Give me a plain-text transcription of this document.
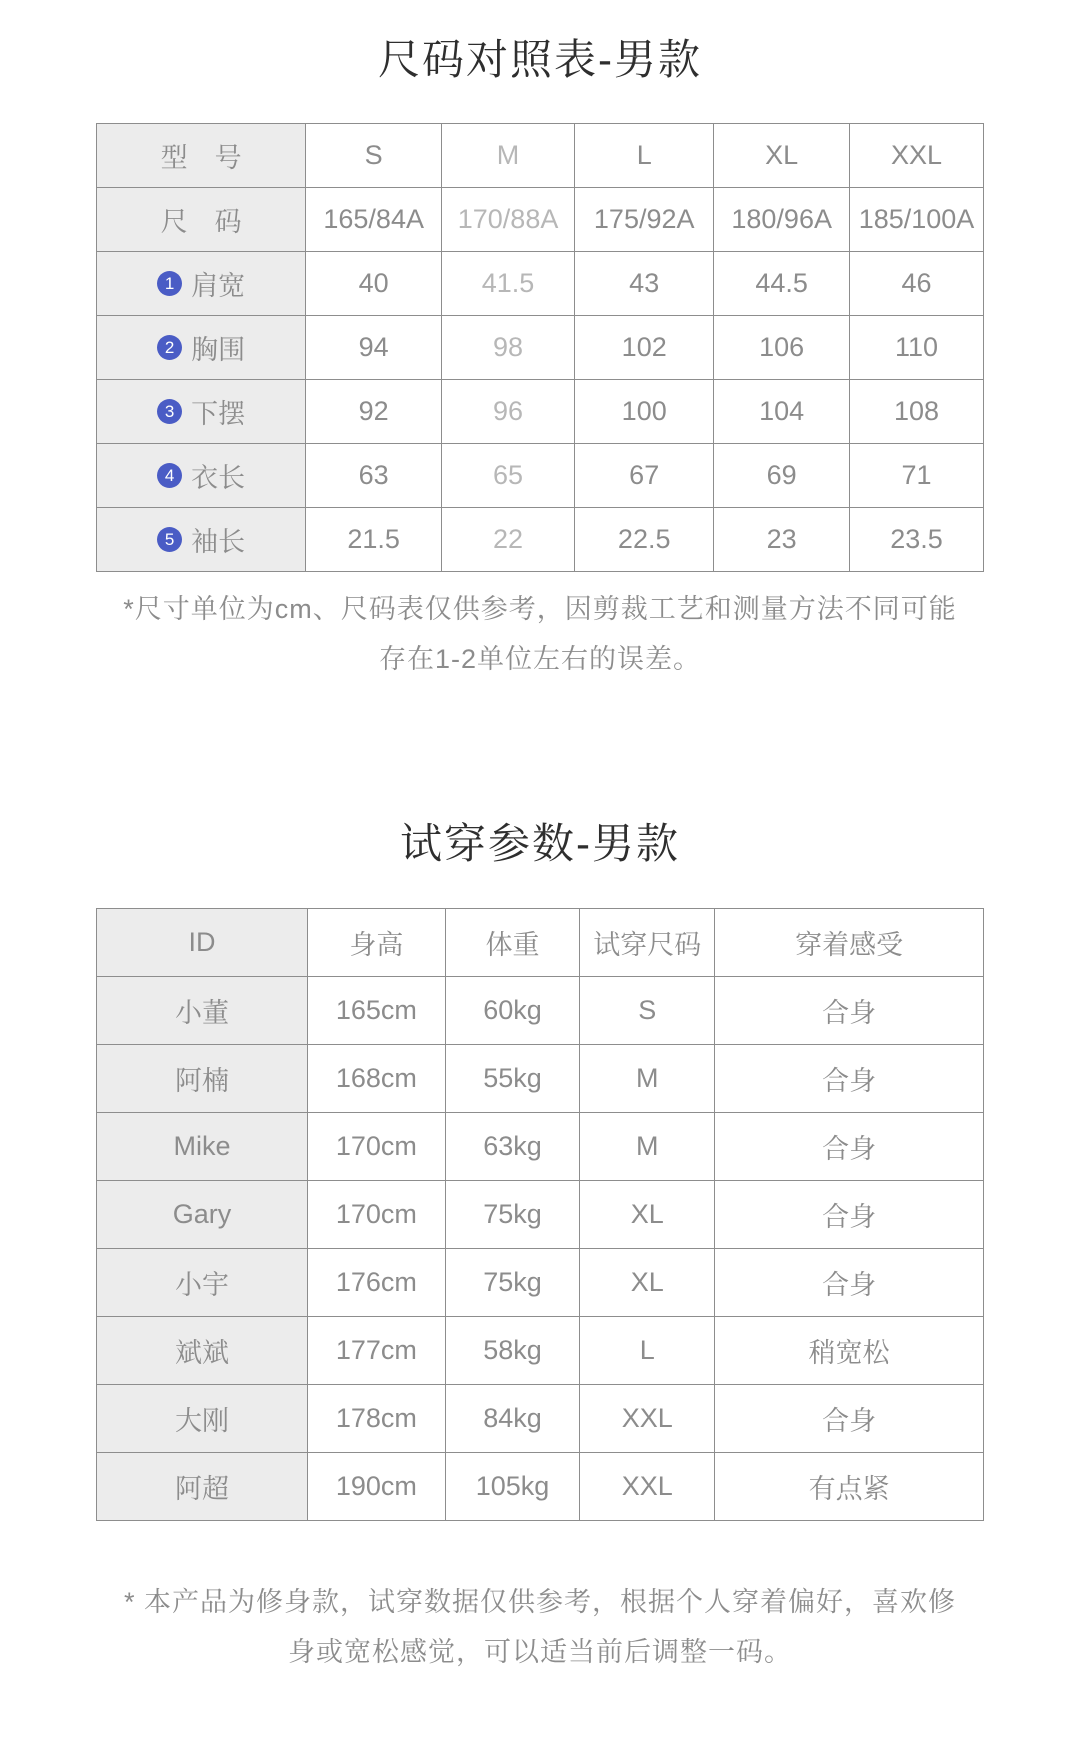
尺码对照表-男款
型　号	S	M	L	XL	XXL
尺　码	165/84A	170/88A	175/92A	180/96A	185/100A
1 肩宽	40	41.5	43	44.5	46
2 胸围	94	98	102	106	110
3 下摆	92	96	100	104	108
4 衣长	63	65	67	69	71
5 袖长	21.5	22	22.5	23	23.5
*尺寸单位为cm、尺码表仅供参考，因剪裁工艺和测量方法不同可能
存在1-2单位左右的误差。
试穿参数-男款
ID	身高	体重	试穿尺码	穿着感受
小董	165cm	60kg	S	合身
阿楠	168cm	55kg	M	合身
Mike	170cm	63kg	M	合身
Gary	170cm	75kg	XL	合身
小宇	176cm	75kg	XL	合身
斌斌	177cm	58kg	L	稍宽松
大刚	178cm	84kg	XXL	合身
阿超	190cm	105kg	XXL	有点紧
* 本产品为修身款，试穿数据仅供参考，根据个人穿着偏好，喜欢修
身或宽松感觉，可以适当前后调整一码。
